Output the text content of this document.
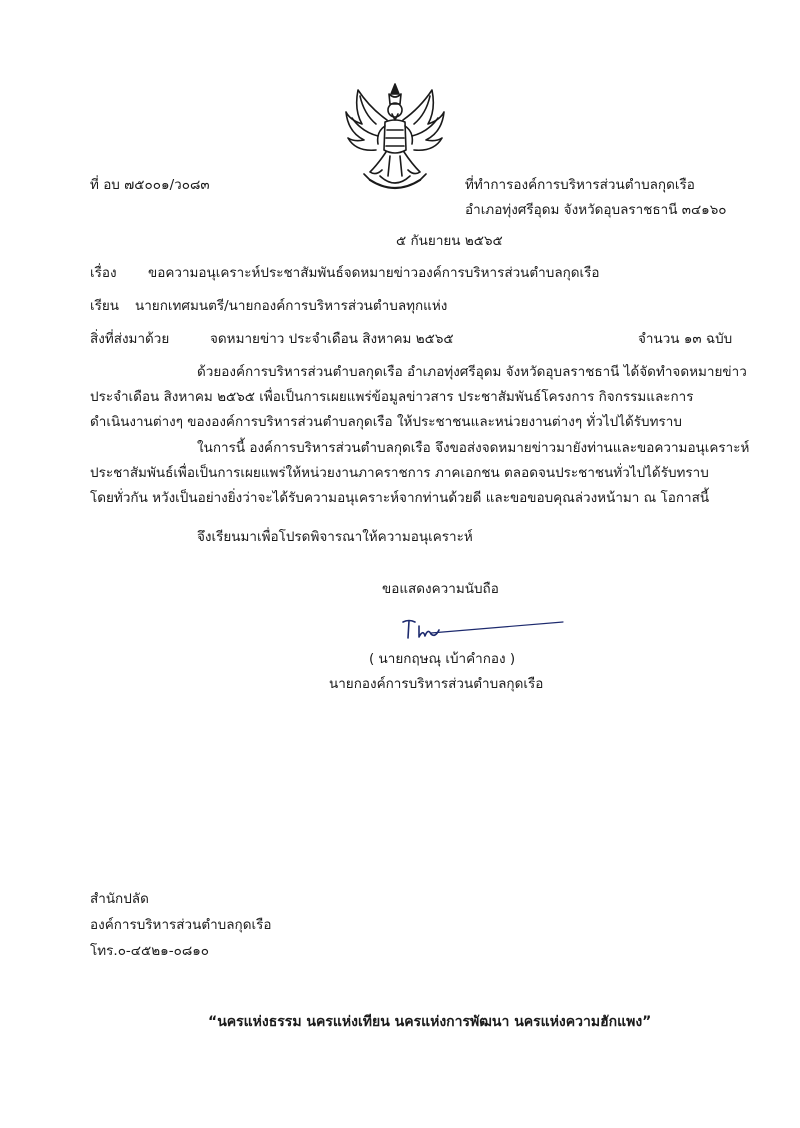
ที่ อบ ๗๕๐๐๑/ว๐๘๓	ที่ทำการองค์การบริหารส่วนตำบลกุดเรือ
อำเภอทุ่งศรีอุดม จังหวัดอุบลราชธานี ๓๔๑๖๐
๕ กันยายน ๒๕๖๕
เรื่อง ขอความอนุเคราะห์ประชาสัมพันธ์จดหมายข่าวองค์การบริหารส่วนตำบลกุดเรือ
เรียน นายกเทศมนตรี/นายกองค์การบริหารส่วนตำบลทุกแห่ง
สิ่งที่ส่งมาด้วย	จดหมายข่าว ประจำเดือน สิงหาคม ๒๕๖๕	จำนวน ๑๓ ฉบับ
ด้วยองค์การบริหารส่วนตำบลกุดเรือ อำเภอทุ่งศรีอุดม จังหวัดอุบลราชธานี ได้จัดทำจดหมายข่าว
ประจำเดือน สิงหาคม ๒๕๖๕ เพื่อเป็นการเผยแพร่ข้อมูลข่าวสาร ประชาสัมพันธ์โครงการ กิจกรรมและการ
ดำเนินงานต่างๆ ขององค์การบริหารส่วนตำบลกุดเรือ ให้ประชาชนและหน่วยงานต่างๆ ทั่วไปได้รับทราบ
ในการนี้ องค์การบริหารส่วนตำบลกุดเรือ จึงขอส่งจดหมายข่าวมายังท่านและขอความอนุเคราะห์
ประชาสัมพันธ์เพื่อเป็นการเผยแพร่ให้หน่วยงานภาคราชการ ภาคเอกชน ตลอดจนประชาชนทั่วไปได้รับทราบ
โดยทั่วกัน หวังเป็นอย่างยิ่งว่าจะได้รับความอนุเคราะห์จากท่านด้วยดี และขอขอบคุณล่วงหน้ามา ณ โอกาสนี้
จึงเรียนมาเพื่อโปรดพิจารณาให้ความอนุเคราะห์
ขอแสดงความนับถือ
( นายกฤษณุ เบ้าคำกอง )
นายกองค์การบริหารส่วนตำบลกุดเรือ
สำนักปลัด
องค์การบริหารส่วนตำบลกุดเรือ
โทร.๐-๔๕๒๑-๐๘๑๐
“นครแห่งธรรม นครแห่งเทียน นครแห่งการพัฒนา นครแห่งความฮักแพง”
